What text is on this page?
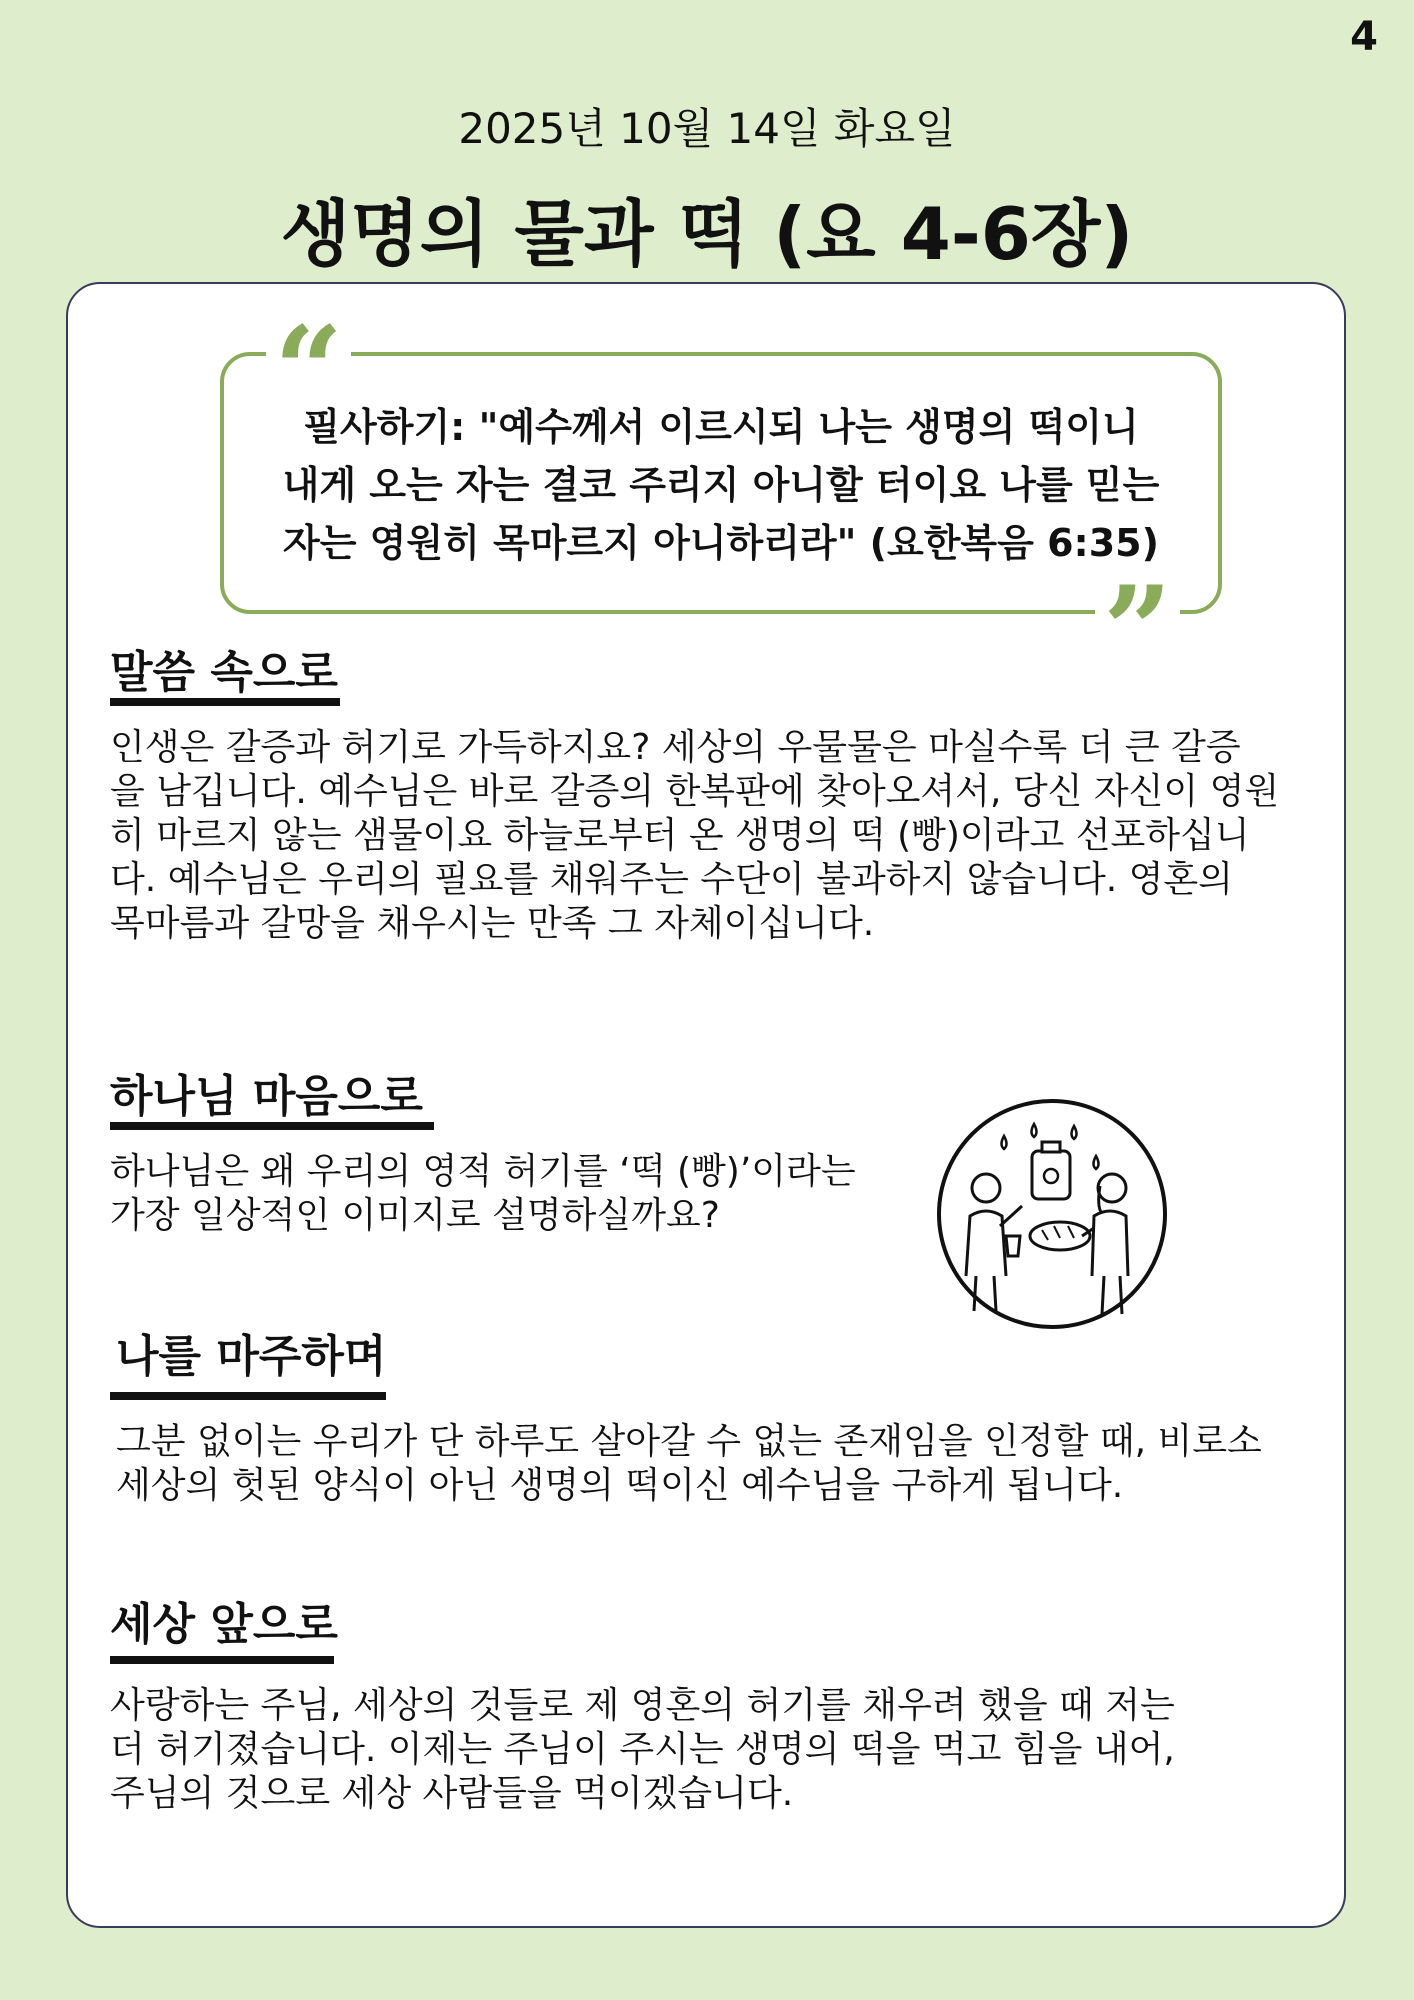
4
2025년 10월 14일 화요일
생명의 물과 떡 (요 4-6장)
“
필사하기: "예수께서 이르시되 나는 생명의 떡이니
내게 오는 자는 결코 주리지 아니할 터이요 나를 믿는
자는 영원히 목마르지 아니하리라" (요한복음 6:35)
”
말씀 속으로
인생은 갈증과 허기로 가득하지요? 세상의 우물물은 마실수록 더 큰 갈증
을 남깁니다. 예수님은 바로 갈증의 한복판에 찾아오셔서, 당신 자신이 영원
히 마르지 않는 샘물이요 하늘로부터 온 생명의 떡 (빵)이라고 선포하십니
다. 예수님은 우리의 필요를 채워주는 수단이 불과하지 않습니다. 영혼의
목마름과 갈망을 채우시는 만족 그 자체이십니다.
하나님 마음으로
하나님은 왜 우리의 영적 허기를 ‘떡 (빵)’이라는
가장 일상적인 이미지로 설명하실까요?
나를 마주하며
그분 없이는 우리가 단 하루도 살아갈 수 없는 존재임을 인정할 때, 비로소
세상의 헛된 양식이 아닌 생명의 떡이신 예수님을 구하게 됩니다.
세상 앞으로
사랑하는 주님, 세상의 것들로 제 영혼의 허기를 채우려 했을 때 저는
더 허기졌습니다. 이제는 주님이 주시는 생명의 떡을 먹고 힘을 내어,
주님의 것으로 세상 사람들을 먹이겠습니다.
